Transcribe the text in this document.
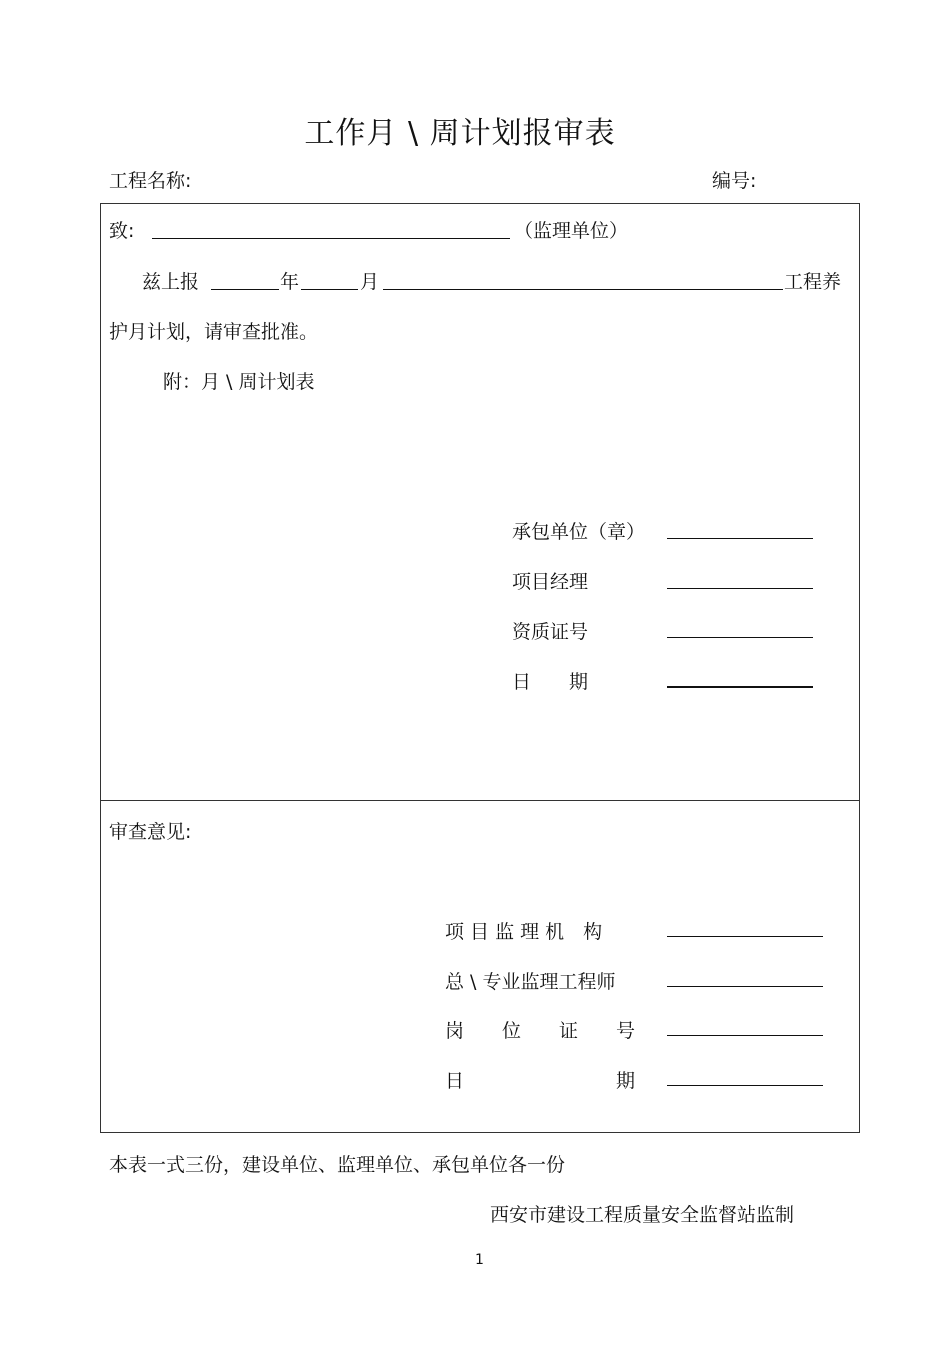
工作月 \ 周计划报审表
工程名称:	编号:
致:	（监理单位）
兹上报	年	月	工程养
护月计划，请审查批准。
附：月 \ 周计划表
承包单位（章）
项目经理
资质证号
日　　期
审查意见:
项 目 监 理 机　构
总 \ 专业监理工程师
岗　　位　　证　　号
日　　　　　　　　期
本表一式三份，建设单位、监理单位、承包单位各一份
西安市建设工程质量安全监督站监制
1
